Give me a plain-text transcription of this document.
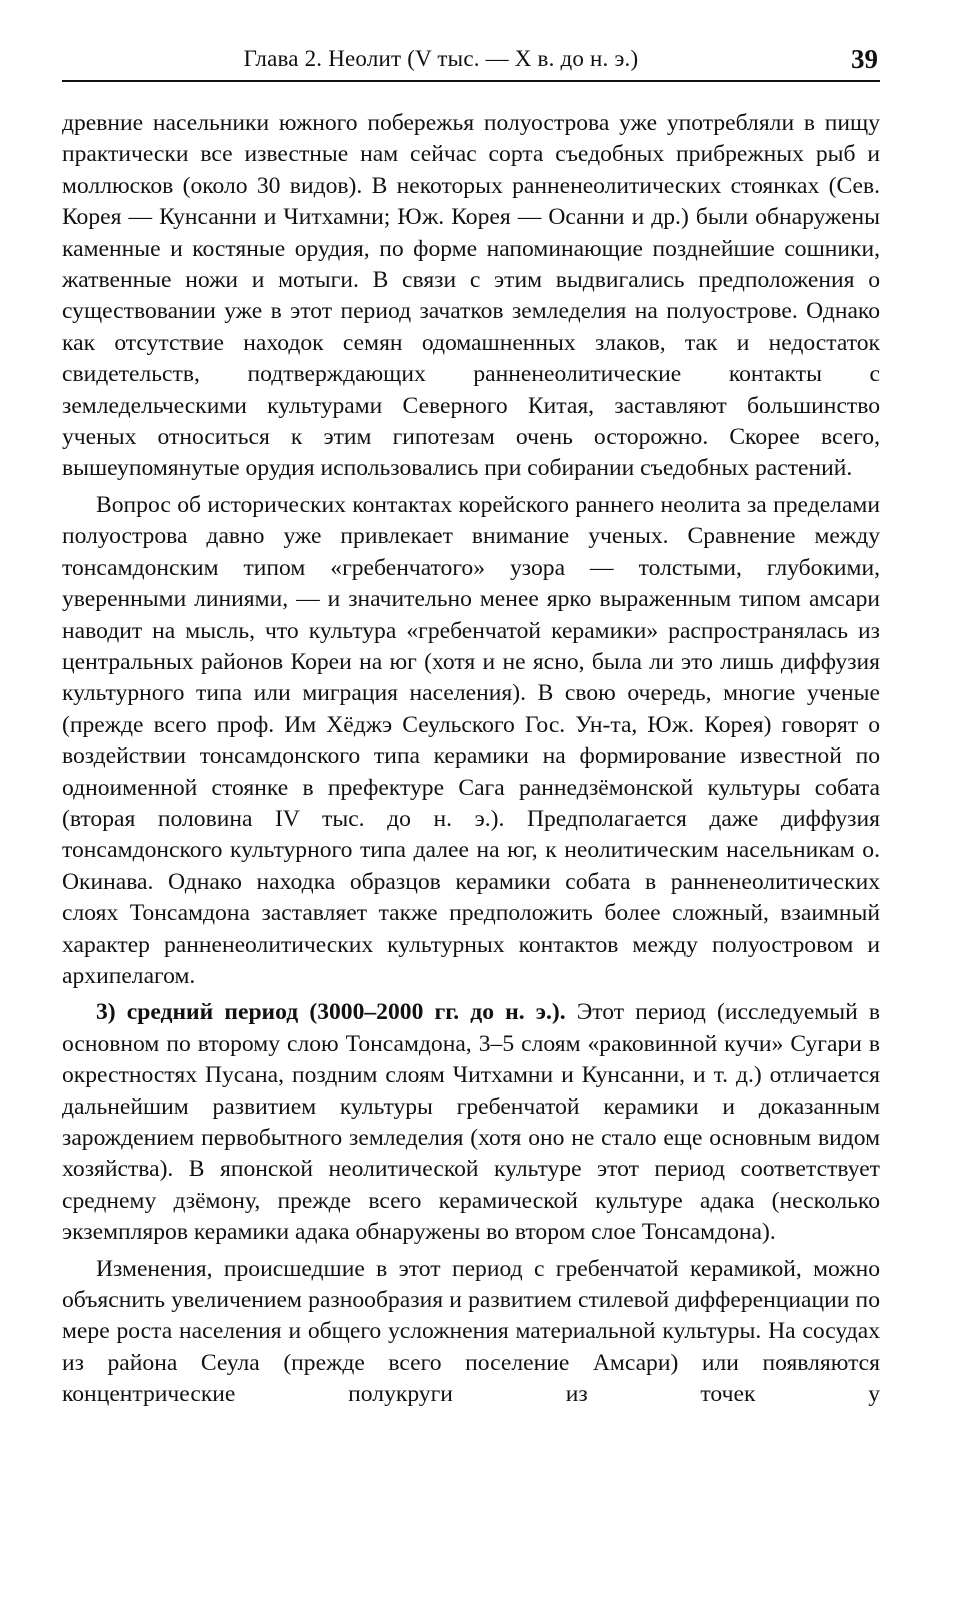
Глава 2. Неолит (V тыс. — X в. до н. э.)	39

древние насельники южного побережья полуострова уже употребляли в пищу практически все известные нам сейчас сорта съедобных прибрежных рыб и моллюсков (около 30 видов). В некоторых ранненеолитических стоянках (Сев. Корея — Кунсанни и Читхамни; Юж. Корея — Осанни и др.) были обнаружены каменные и костяные орудия, по форме напоминающие позднейшие сошники, жатвенные ножи и мотыги. В связи с этим выдвигались предположения о существовании уже в этот период зачатков земледелия на полуострове. Однако как отсутствие находок семян одомашненных злаков, так и недостаток свидетельств, подтверждающих ранненеолитические контакты с земледельческими культурами Северного Китая, заставляют большинство ученых относиться к этим гипотезам очень осторожно. Скорее всего, вышеупомянутые орудия использовались при собирании съедобных растений.

Вопрос об исторических контактах корейского раннего неолита за пределами полуострова давно уже привлекает внимание ученых. Сравнение между тонсамдонским типом «гребенчатого» узора — толстыми, глубокими, уверенными линиями, — и значительно менее ярко выраженным типом амсари наводит на мысль, что культура «гребенчатой керамики» распространялась из центральных районов Кореи на юг (хотя и не ясно, была ли это лишь диффузия культурного типа или миграция населения). В свою очередь, многие ученые (прежде всего проф. Им Хёджэ Сеульского Гос. Ун-та, Юж. Корея) говорят о воздействии тонсамдонского типа керамики на формирование известной по одноименной стоянке в префектуре Сага раннедзёмонской культуры собата (вторая половина IV тыс. до н. э.). Предполагается даже диффузия тонсамдонского культурного типа далее на юг, к неолитическим насельникам о. Окинава. Однако находка образцов керамики собата в ранненеолитических слоях Тонсамдона заставляет также предположить более сложный, взаимный характер ранненеолитических культурных контактов между полуостровом и архипелагом.

3) средний период (3000–2000 гг. до н. э.). Этот период (исследуемый в основном по второму слою Тонсамдона, 3–5 слоям «раковинной кучи» Сугари в окрестностях Пусана, поздним слоям Читхамни и Кунсанни, и т. д.) отличается дальнейшим развитием культуры гребенчатой керамики и доказанным зарождением первобытного земледелия (хотя оно не стало еще основным видом хозяйства). В японской неолитической культуре этот период соответствует среднему дзёмону, прежде всего керамической культуре адака (несколько экземпляров керамики адака обнаружены во втором слое Тонсамдона).

Изменения, происшедшие в этот период с гребенчатой керамикой, можно объяснить увеличением разнообразия и развитием стилевой дифференциации по мере роста населения и общего усложнения материальной культуры. На сосудах из района Сеула (прежде всего поселение Амсари) или появляются концентрические полукруги из точек у
